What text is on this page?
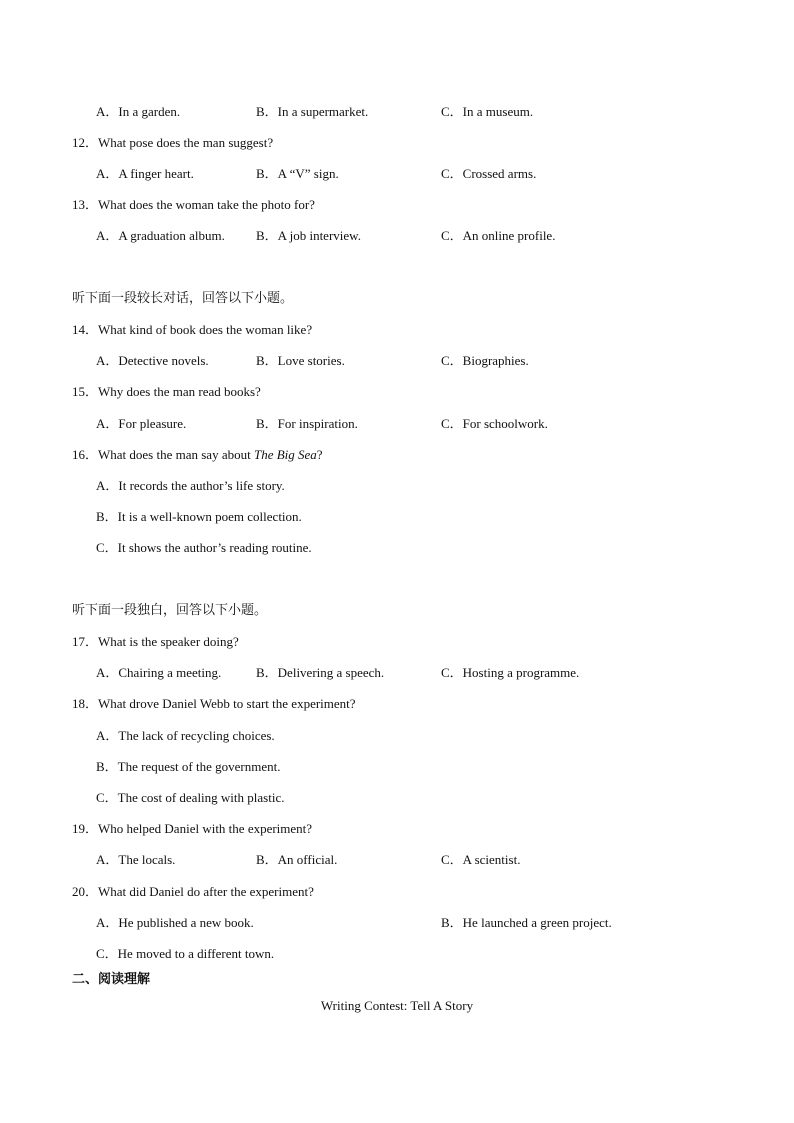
A．In a garden.	B．In a supermarket.	C．In a museum.
12．What pose does the man suggest?
A．A finger heart.	B．A “V” sign.	C．Crossed arms.
13．What does the woman take the photo for?
A．A graduation album. B．A job interview.	C．An online profile.
听下面一段较长对话，回答以下小题。
14．What kind of book does the woman like?
A．Detective novels.	B．Love stories.	C．Biographies.
15．Why does the man read books?
A．For pleasure.	B．For inspiration.	C．For schoolwork.
16．What does the man say about The Big Sea?
A．It records the author’s life story.
B．It is a well-known poem collection.
C．It shows the author’s reading routine.
听下面一段独白，回答以下小题。
17．What is the speaker doing?
A．Chairing a meeting.	B．Delivering a speech.	C．Hosting a programme.
18．What drove Daniel Webb to start the experiment?
A．The lack of recycling choices.
B．The request of the government.
C．The cost of dealing with plastic.
19．Who helped Daniel with the experiment?
A．The locals.	B．An official.	C．A scientist.
20．What did Daniel do after the experiment?
A．He published a new book.	B．He launched a green project.
C．He moved to a different town.
二、阅读理解
Writing Contest: Tell A Story
